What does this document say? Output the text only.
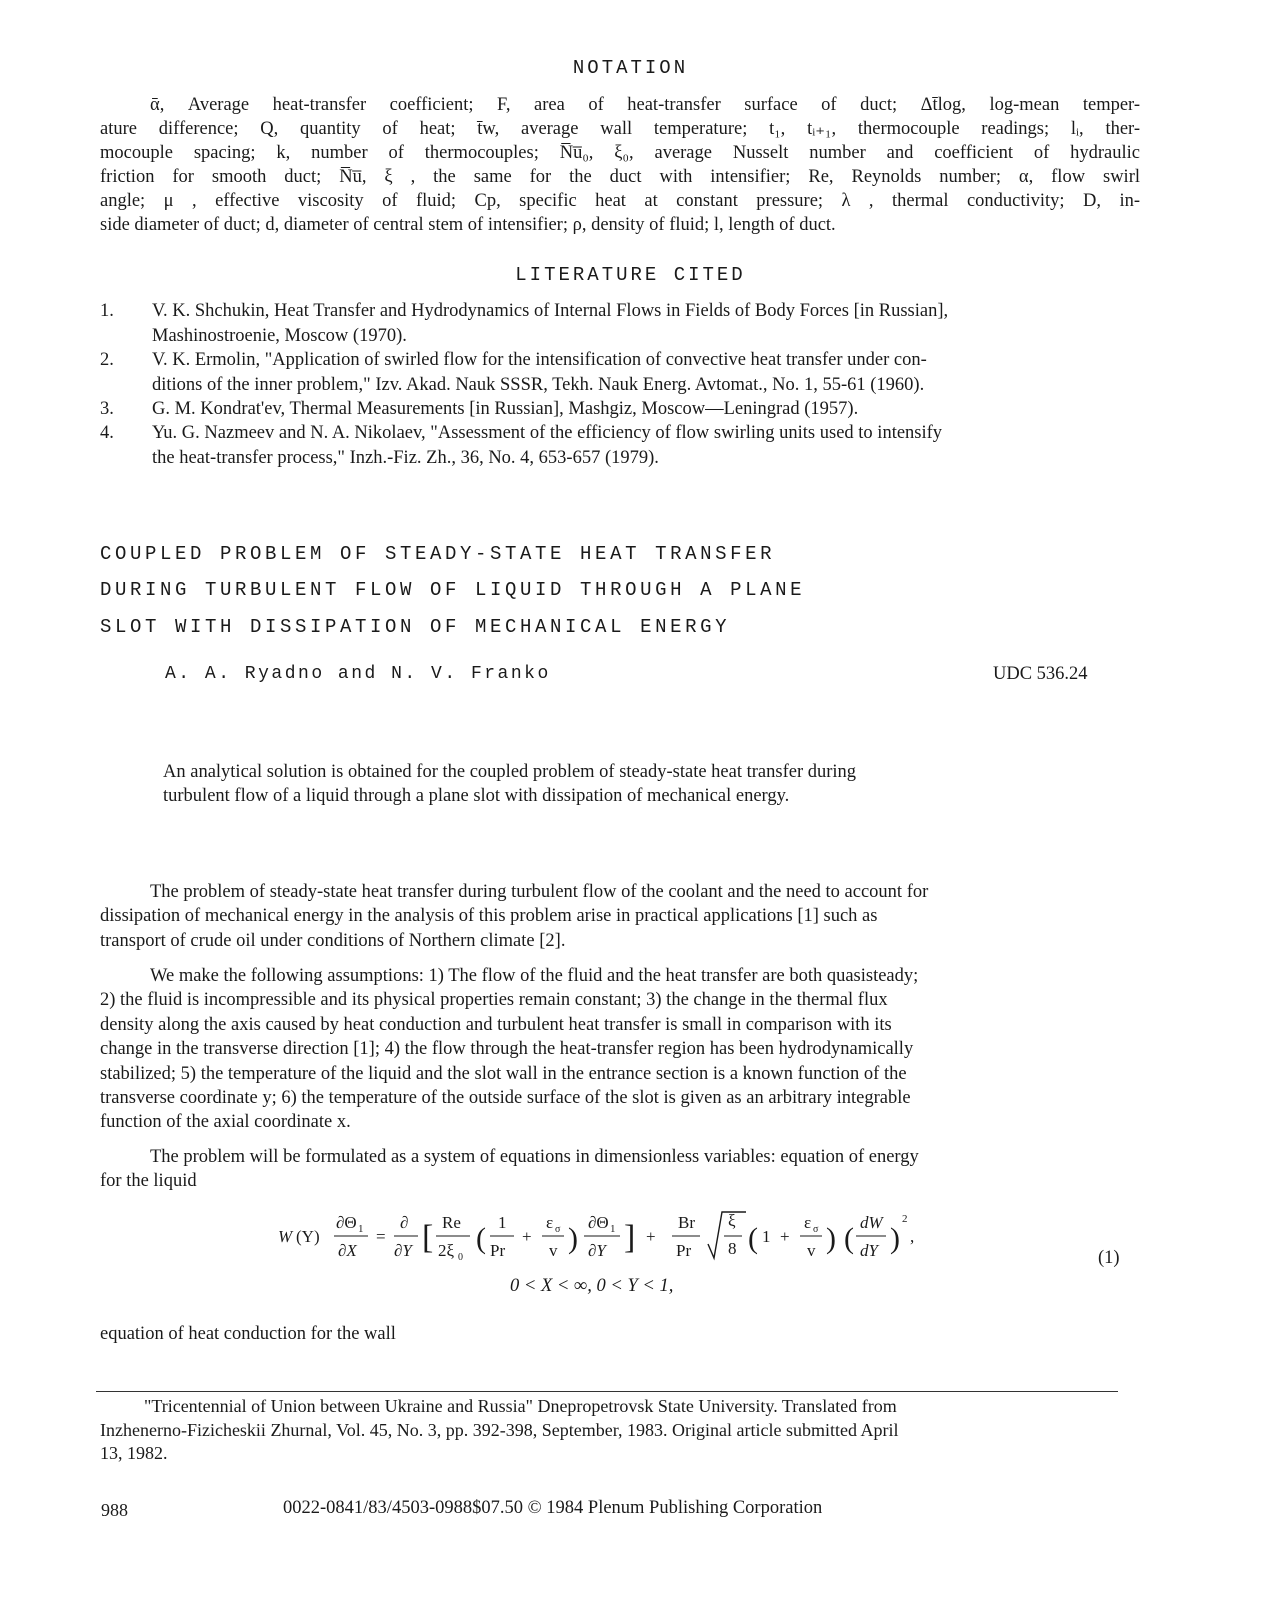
NOTATION
ᾱ, Average heat-transfer coefficient; F, area of heat-transfer surface of duct; Δt̄log, log-mean temper-
ature difference; Q, quantity of heat; t̄w, average wall temperature; t₁, tᵢ₊₁, thermocouple readings; lᵢ, ther-
mocouple spacing; k, number of thermocouples; N̅u̅₀, ξ₀, average Nusselt number and coefficient of hydraulic
friction for smooth duct; N̅u̅, ξ , the same for the duct with intensifier; Re, Reynolds number; α, flow swirl
angle; μ , effective viscosity of fluid; Cp, specific heat at constant pressure; λ , thermal conductivity; D, in-
side diameter of duct; d, diameter of central stem of intensifier; ρ, density of fluid; l, length of duct.
LITERATURE CITED
1. V. K. Shchukin, Heat Transfer and Hydrodynamics of Internal Flows in Fields of Body Forces [in Russian],
Mashinostroenie, Moscow (1970).
2. V. K. Ermolin, "Application of swirled flow for the intensification of convective heat transfer under con-
ditions of the inner problem," Izv. Akad. Nauk SSSR, Tekh. Nauk Energ. Avtomat., No. 1, 55-61 (1960).
3. G. M. Kondrat'ev, Thermal Measurements [in Russian], Mashgiz, Moscow—Leningrad (1957).
4. Yu. G. Nazmeev and N. A. Nikolaev, "Assessment of the efficiency of flow swirling units used to intensify
the heat-transfer process," Inzh.-Fiz. Zh., 36, No. 4, 653-657 (1979).
COUPLED PROBLEM OF STEADY-STATE HEAT TRANSFER
DURING TURBULENT FLOW OF LIQUID THROUGH A PLANE
SLOT WITH DISSIPATION OF MECHANICAL ENERGY
A. A. Ryadno and N. V. Franko	UDC 536.24
An analytical solution is obtained for the coupled problem of steady-state heat transfer during
turbulent flow of a liquid through a plane slot with dissipation of mechanical energy.
The problem of steady-state heat transfer during turbulent flow of the coolant and the need to account for
dissipation of mechanical energy in the analysis of this problem arise in practical applications [1] such as
transport of crude oil under conditions of Northern climate [2].
We make the following assumptions: 1) The flow of the fluid and the heat transfer are both quasisteady;
2) the fluid is incompressible and its physical properties remain constant; 3) the change in the thermal flux
density along the axis caused by heat conduction and turbulent heat transfer is small in comparison with its
change in the transverse direction [1]; 4) the flow through the heat-transfer region has been hydrodynamically
stabilized; 5) the temperature of the liquid and the slot wall in the entrance section is a known function of the
transverse coordinate y; 6) the temperature of the outside surface of the slot is given as an arbitrary integrable
function of the axial coordinate x.
The problem will be formulated as a system of equations in dimensionless variables: equation of energy
for the liquid
W (Y)
∂Θ 1
∂X
=
∂
∂Y [ Re
2ξ 0
( 1
Pr
+
ε σ
v ) ∂Θ 1
∂Y ] +
Br
Pr
ξ
8 ( 1 +
ε σ
v ) ( dW
dY )
2
,
0 < X < ∞, 0 < Y < 1,
(1)
equation of heat conduction for the wall
"Tricentennial of Union between Ukraine and Russia" Dnepropetrovsk State University. Translated from
Inzhenerno-Fizicheskii Zhurnal, Vol. 45, No. 3, pp. 392-398, September, 1983. Original article submitted April
13, 1982.
988	0022-0841/83/4503-0988$07.50 © 1984 Plenum Publishing Corporation
